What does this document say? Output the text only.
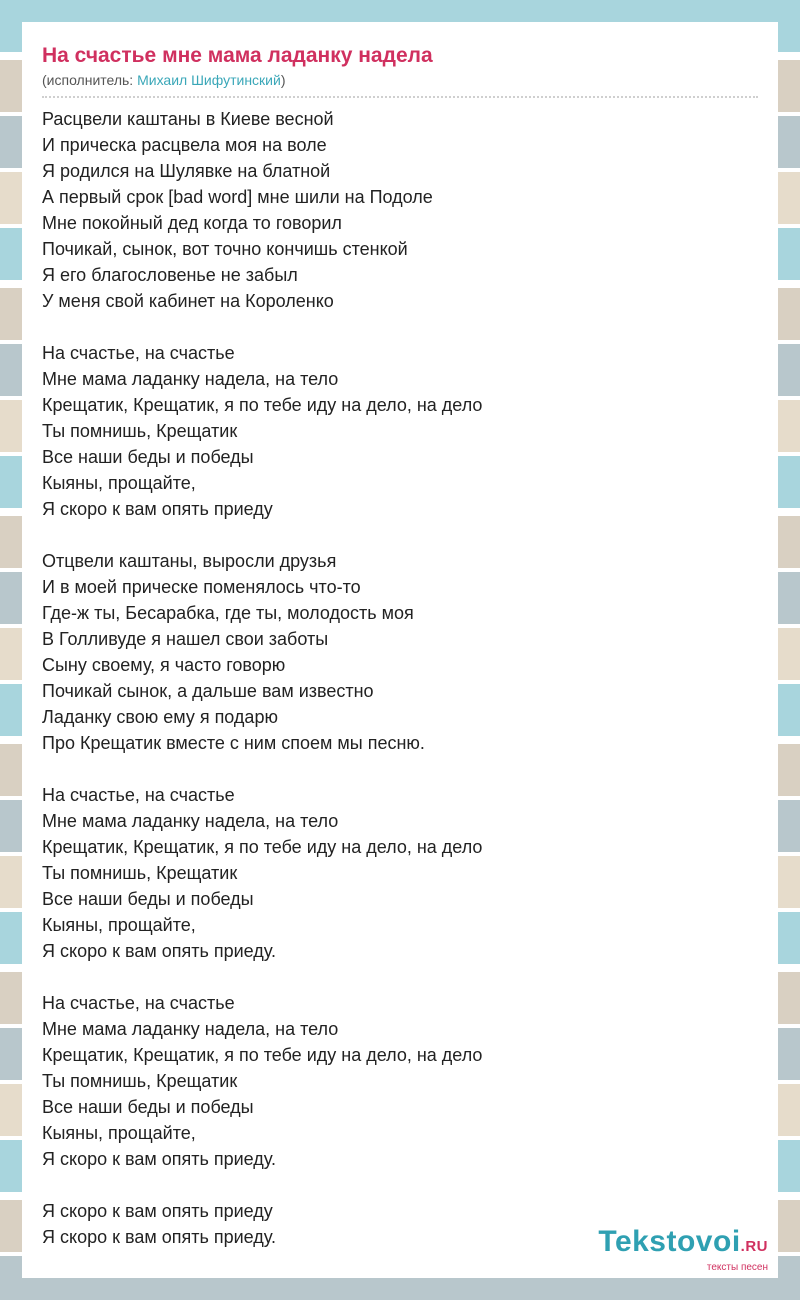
На счастье мне мама ладанку надела

(исполнитель: Михаил Шифутинский)

Расцвели каштаны в Киеве весной
И прическа расцвела моя на воле
Я родился на Шулявке на блатной
А первый срок [bad word] мне шили на Подоле
Мне покойный дед когда то говорил
Почикай, сынок, вот точно кончишь стенкой
Я его благословенье не забыл
У меня свой кабинет на Короленко
На счастье, на счастье
Мне мама ладанку надела, на тело
Крещатик, Крещатик, я по тебе иду на дело, на дело
Ты помнишь, Крещатик
Все наши беды и победы
Кыяны, прощайте,
Я скоро к вам опять приеду
Отцвели каштаны, выросли друзья
И в моей прическе поменялось что-то
Где-ж ты, Бесарабка, где ты, молодость моя
В Голливуде я нашел свои заботы
Сыну своему, я часто говорю
Почикай сынок, а дальше вам известно
Ладанку свою ему я подарю
Про Крещатик вместе с ним споем мы песню.
На счастье, на счастье
Мне мама ладанку надела, на тело
Крещатик, Крещатик, я по тебе иду на дело, на дело
Ты помнишь, Крещатик
Все наши беды и победы
Кыяны, прощайте,
Я скоро к вам опять приеду.
На счастье, на счастье
Мне мама ладанку надела, на тело
Крещатик, Крещатик, я по тебе иду на дело, на дело
Ты помнишь, Крещатик
Все наши беды и победы
Кыяны, прощайте,
Я скоро к вам опять приеду.
Я скоро к вам опять приеду
Я скоро к вам опять приеду.	Tekstovoi.RU
тексты песен
